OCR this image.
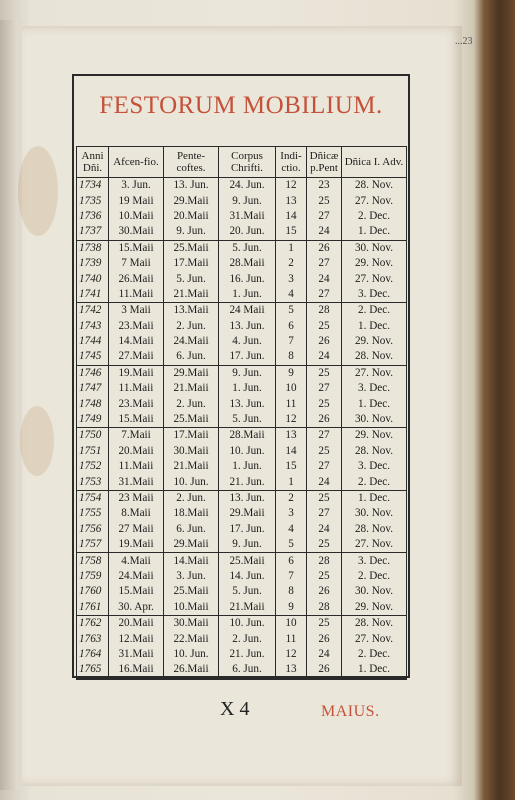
...23
FESTORUM MOBILIUM.
Anni Dñi.	Afcen-fio.	Pente-coftes.	Corpus Chrifti.	Indi-ctio.	Dñicæ p.Pent	Dñica I. Adv.
1734	3. Jun.	13. Jun.	24. Jun.	12	23	28. Nov.
1735	19 Maii	29.Maii	9. Jun.	13	25	27. Nov.
1736	10.Maii	20.Maii	31.Maii	14	27	2. Dec.
1737	30.Maii	9. Jun.	20. Jun.	15	24	1. Dec.
1738	15.Maii	25.Maii	5. Jun.	1	26	30. Nov.
1739	7 Maii	17.Maii	28.Maii	2	27	29. Nov.
1740	26.Maii	5. Jun.	16. Jun.	3	24	27. Nov.
1741	11.Maii	21.Maii	1. Jun.	4	27	3. Dec.
1742	3 Maii	13.Maii	24 Maii	5	28	2. Dec.
1743	23.Maii	2. Jun.	13. Jun.	6	25	1. Dec.
1744	14.Maii	24.Maii	4. Jun.	7	26	29. Nov.
1745	27.Maii	6. Jun.	17. Jun.	8	24	28. Nov.
1746	19.Maii	29.Maii	9. Jun.	9	25	27. Nov.
1747	11.Maii	21.Maii	1. Jun.	10	27	3. Dec.
1748	23.Maii	2. Jun.	13. Jun.	11	25	1. Dec.
1749	15.Maii	25.Maii	5. Jun.	12	26	30. Nov.
1750	7.Maii	17.Maii	28.Maii	13	27	29. Nov.
1751	20.Maii	30.Maii	10. Jun.	14	25	28. Nov.
1752	11.Maii	21.Maii	1. Jun.	15	27	3. Dec.
1753	31.Maii	10. Jun.	21. Jun.	1	24	2. Dec.
1754	23 Maii	2. Jun.	13. Jun.	2	25	1. Dec.
1755	8.Maii	18.Maii	29.Maii	3	27	30. Nov.
1756	27 Maii	6. Jun.	17. Jun.	4	24	28. Nov.
1757	19.Maii	29.Maii	9. Jun.	5	25	27. Nov.
1758	4.Maii	14.Maii	25.Maii	6	28	3. Dec.
1759	24.Maii	3. Jun.	14. Jun.	7	25	2. Dec.
1760	15.Maii	25.Maii	5. Jun.	8	26	30. Nov.
1761	30. Apr.	10.Maii	21.Maii	9	28	29. Nov.
1762	20.Maii	30.Maii	10. Jun.	10	25	28. Nov.
1763	12.Maii	22.Maii	2. Jun.	11	26	27. Nov.
1764	31.Maii	10. Jun.	21. Jun.	12	24	2. Dec.
1765	16.Maii	26.Maii	6. Jun.	13	26	1. Dec.
X 4	MAIUS.
